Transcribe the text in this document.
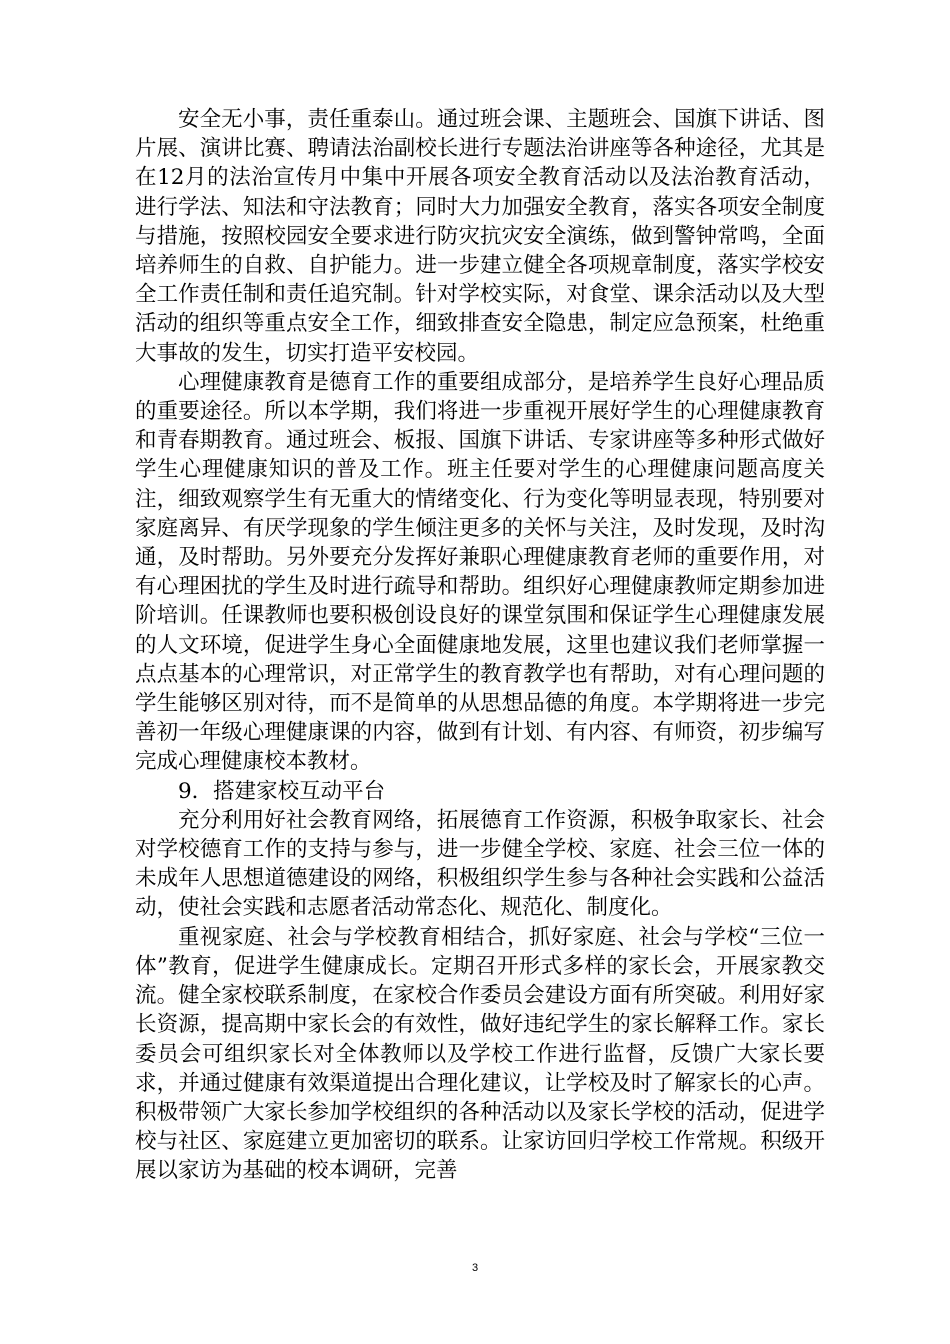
安全无小事，责任重泰山。通过班会课、主题班会、国旗下讲话、图片展、演讲比赛、聘请法治副校长进行专题法治讲座等各种途径，尤其是在12月的法治宣传月中集中开展各项安全教育活动以及法治教育活动，进行学法、知法和守法教育；同时大力加强安全教育，落实各项安全制度与措施，按照校园安全要求进行防灾抗灾安全演练，做到警钟常鸣，全面培养师生的自救、自护能力。进一步建立健全各项规章制度，落实学校安全工作责任制和责任追究制。针对学校实际，对食堂、课余活动以及大型活动的组织等重点安全工作，细致排查安全隐患，制定应急预案，杜绝重大事故的发生，切实打造平安校园。

心理健康教育是德育工作的重要组成部分，是培养学生良好心理品质的重要途径。所以本学期，我们将进一步重视开展好学生的心理健康教育和青春期教育。通过班会、板报、国旗下讲话、专家讲座等多种形式做好学生心理健康知识的普及工作。班主任要对学生的心理健康问题高度关注，细致观察学生有无重大的情绪变化、行为变化等明显表现，特别要对家庭离异、有厌学现象的学生倾注更多的关怀与关注，及时发现，及时沟通，及时帮助。另外要充分发挥好兼职心理健康教育老师的重要作用，对有心理困扰的学生及时进行疏导和帮助。组织好心理健康教师定期参加进阶培训。任课教师也要积极创设良好的课堂氛围和保证学生心理健康发展的人文环境，促进学生身心全面健康地发展，这里也建议我们老师掌握一点点基本的心理常识，对正常学生的教育教学也有帮助，对有心理问题的学生能够区别对待，而不是简单的从思想品德的角度。本学期将进一步完善初一年级心理健康课的内容，做到有计划、有内容、有师资，初步编写完成心理健康校本教材。

9．搭建家校互动平台

充分利用好社会教育网络，拓展德育工作资源，积极争取家长、社会对学校德育工作的支持与参与，进一步健全学校、家庭、社会三位一体的未成年人思想道德建设的网络，积极组织学生参与各种社会实践和公益活动，使社会实践和志愿者活动常态化、规范化、制度化。

重视家庭、社会与学校教育相结合，抓好家庭、社会与学校“三位一体”教育，促进学生健康成长。定期召开形式多样的家长会，开展家教交流。健全家校联系制度，在家校合作委员会建设方面有所突破。利用好家长资源，提高期中家长会的有效性，做好违纪学生的家长解释工作。家长委员会可组织家长对全体教师以及学校工作进行监督，反馈广大家长要求，并通过健康有效渠道提出合理化建议，让学校及时了解家长的心声。积极带领广大家长参加学校组织的各种活动以及家长学校的活动，促进学校与社区、家庭建立更加密切的联系。让家访回归学校工作常规。积级开展以家访为基础的校本调研，完善

3
